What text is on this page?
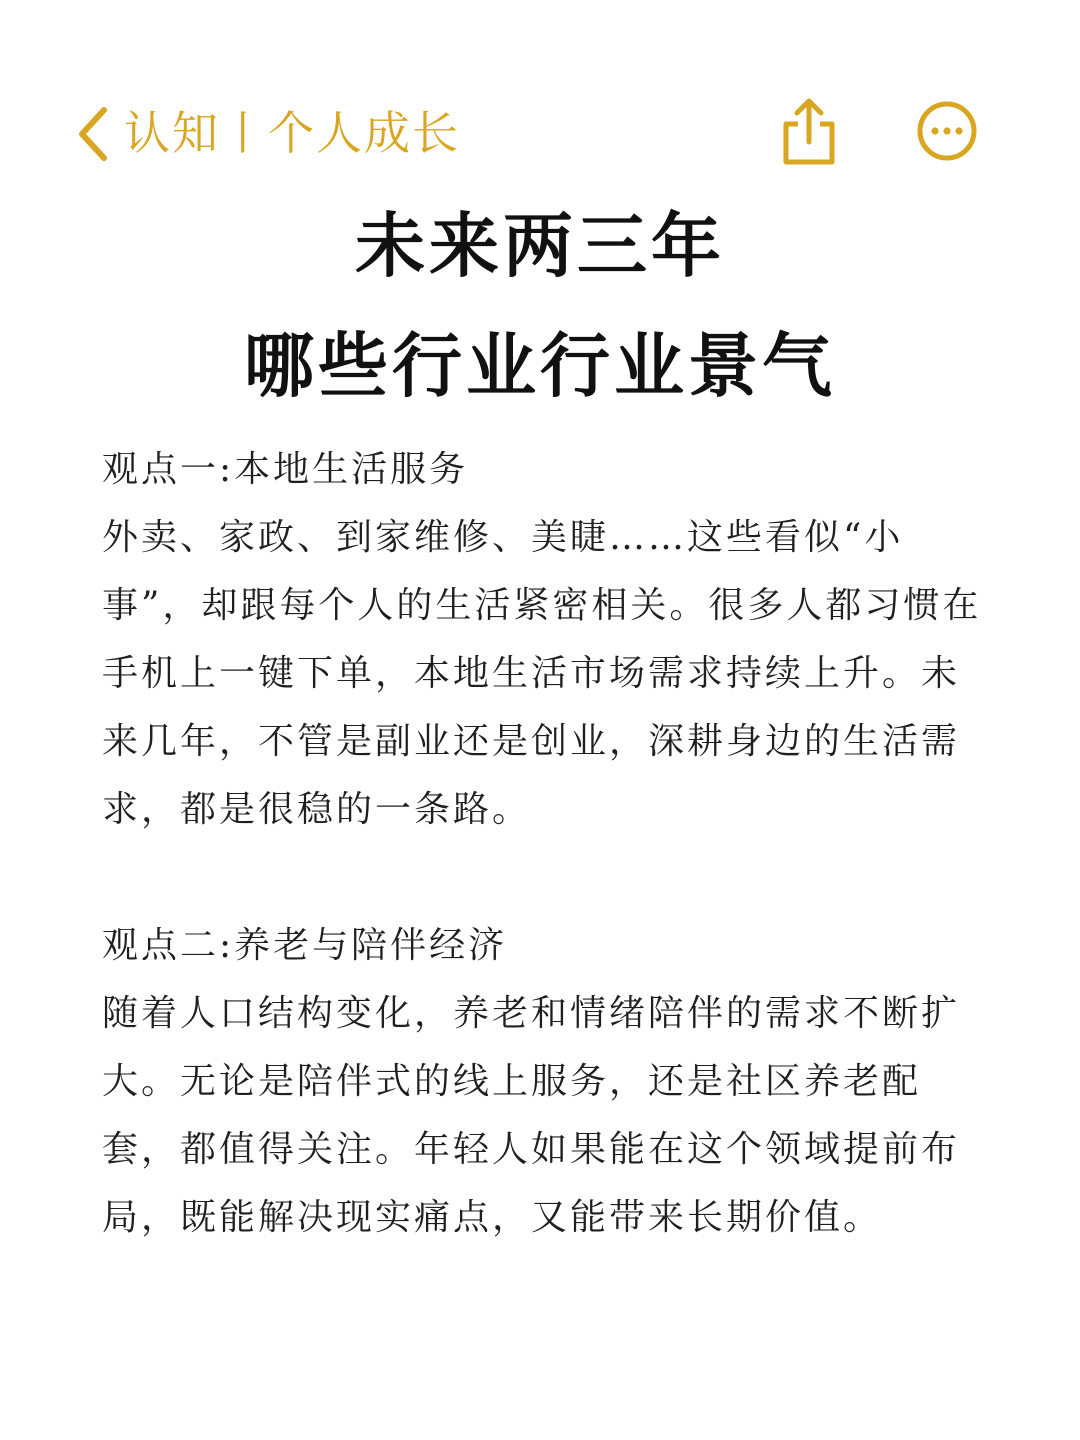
认知丨个人成长
未来两三年
哪些行业行业景气

观点一:本地生活服务

外卖、家政、到家维修、美睫……这些看似“小事”，却跟每个人的生活紧密相关。很多人都习惯在手机上一键下单，本地生活市场需求持续上升。未来几年，不管是副业还是创业，深耕身边的生活需求，都是很稳的一条路。

观点二:养老与陪伴经济

随着人口结构变化，养老和情绪陪伴的需求不断扩大。无论是陪伴式的线上服务，还是社区养老配套，都值得关注。年轻人如果能在这个领域提前布局，既能解决现实痛点，又能带来长期价值。
